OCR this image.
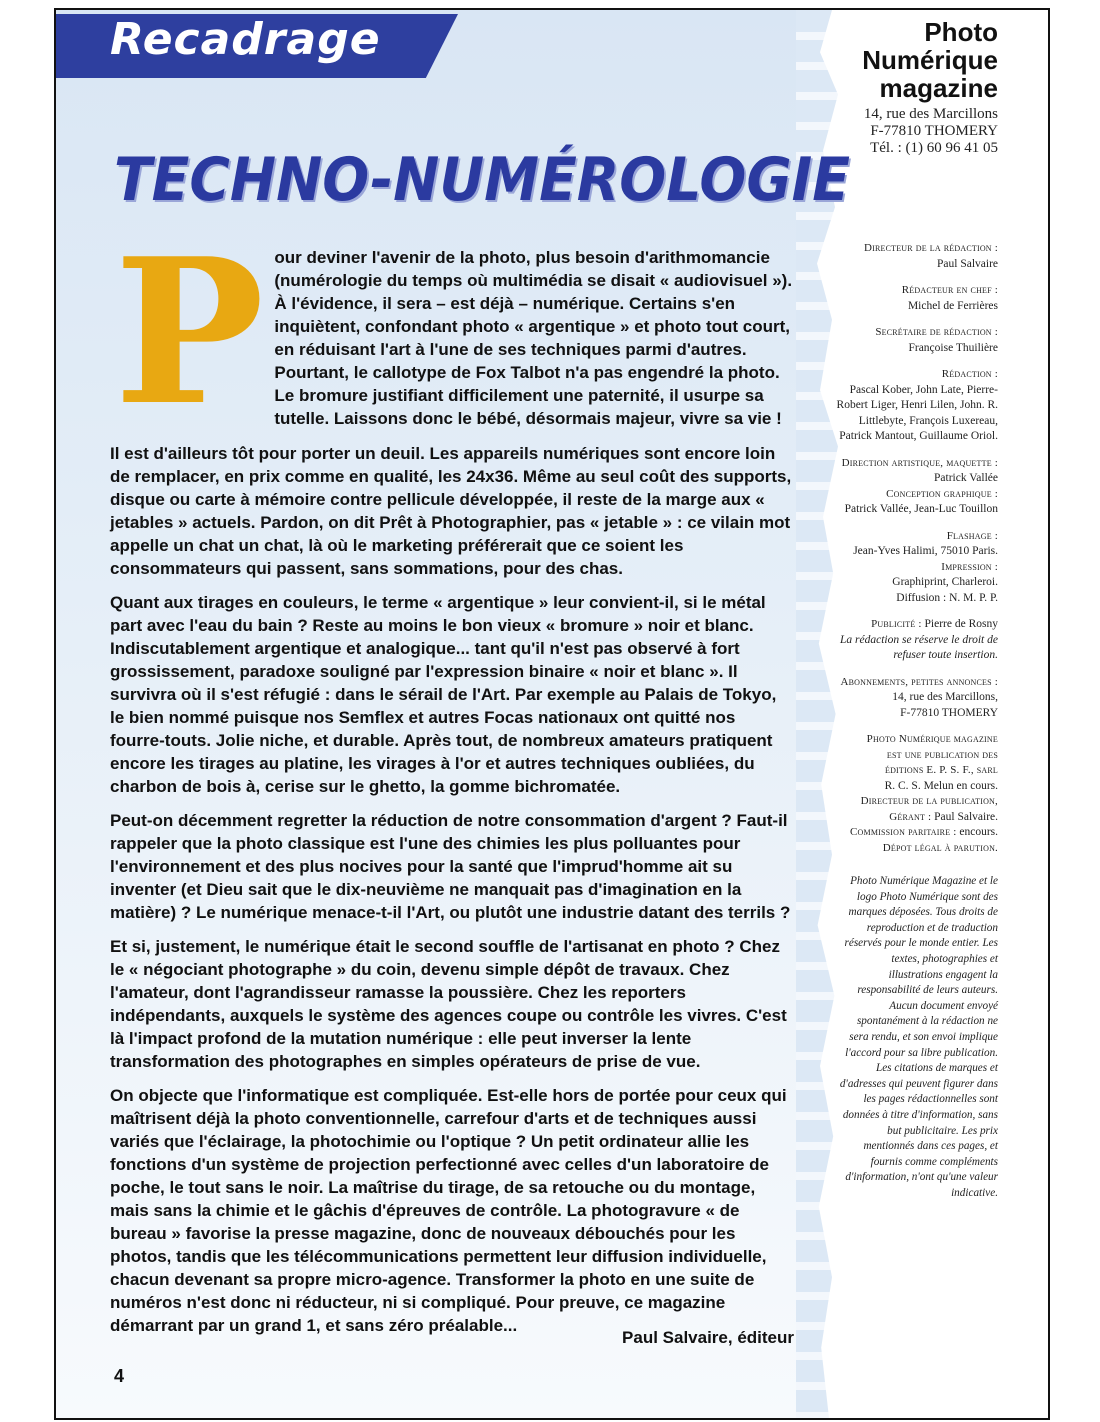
Recadrage
TECHNO-NUMÉROLOGIE

Pour deviner l'avenir de la photo, plus besoin d'arithmomancie (numérologie du temps où multimédia se disait « audiovisuel »). À l'évidence, il sera – est déjà – numérique. Certains s'en inquiètent, confondant photo « argentique » et photo tout court, en réduisant l'art à l'une de ses techniques parmi d'autres. Pourtant, le callotype de Fox Talbot n'a pas engendré la photo. Le bromure justifiant difficilement une paternité, il usurpe sa tutelle. Laissons donc le bébé, désormais majeur, vivre sa vie !

Il est d'ailleurs tôt pour porter un deuil. Les appareils numériques sont encore loin de remplacer, en prix comme en qualité, les 24x36. Même au seul coût des supports, disque ou carte à mémoire contre pellicule développée, il reste de la marge aux « jetables » actuels. Pardon, on dit Prêt à Photographier, pas « jetable » : ce vilain mot appelle un chat un chat, là où le marketing préférerait que ce soient les consommateurs qui passent, sans sommations, pour des chas.

Quant aux tirages en couleurs, le terme « argentique » leur convient-il, si le métal part avec l'eau du bain ? Reste au moins le bon vieux « bromure » noir et blanc. Indiscutablement argentique et analogique... tant qu'il n'est pas observé à fort grossissement, paradoxe souligné par l'expression binaire « noir et blanc ». Il survivra où il s'est réfugié : dans le sérail de l'Art. Par exemple au Palais de Tokyo, le bien nommé puisque nos Semflex et autres Focas nationaux ont quitté nos fourre-touts. Jolie niche, et durable. Après tout, de nombreux amateurs pratiquent encore les tirages au platine, les virages à l'or et autres techniques oubliées, du charbon de bois à, cerise sur le ghetto, la gomme bichromatée.

Peut-on décemment regretter la réduction de notre consommation d'argent ? Faut-il rappeler que la photo classique est l'une des chimies les plus polluantes pour l'environnement et des plus nocives pour la santé que l'imprud'homme ait su inventer (et Dieu sait que le dix-neuvième ne manquait pas d'imagination en la matière) ? Le numérique menace-t-il l'Art, ou plutôt une industrie datant des terrils ?

Et si, justement, le numérique était le second souffle de l'artisanat en photo ? Chez le « négociant photographe » du coin, devenu simple dépôt de travaux. Chez l'amateur, dont l'agrandisseur ramasse la poussière. Chez les reporters indépendants, auxquels le système des agences coupe ou contrôle les vivres. C'est là l'impact profond de la mutation numérique : elle peut inverser la lente transformation des photographes en simples opérateurs de prise de vue.

On objecte que l'informatique est compliquée. Est-elle hors de portée pour ceux qui maîtrisent déjà la photo conventionnelle, carrefour d'arts et de techniques aussi variés que l'éclairage, la photochimie ou l'optique ? Un petit ordinateur allie les fonctions d'un système de projection perfectionné avec celles d'un laboratoire de poche, le tout sans le noir. La maîtrise du tirage, de sa retouche ou du montage, mais sans la chimie et le gâchis d'épreuves de contrôle. La photogravure « de bureau » favorise la presse magazine, donc de nouveaux débouchés pour les photos, tandis que les télécommunications permettent leur diffusion individuelle, chacun devenant sa propre micro-agence. Transformer la photo en une suite de numéros n'est donc ni réducteur, ni si compliqué. Pour preuve, ce magazine démarrant par un grand 1, et sans zéro préalable...

Paul Salvaire, éditeur
4
Photo
Numérique
magazine
14, rue des Marcillons
F-77810 THOMERY
Tél. : (1) 60 96 41 05
Directeur de la rédaction :
Paul Salvaire
Rédacteur en chef :
Michel de Ferrières
Secrétaire de rédaction :
Françoise Thuilière
Rédaction :
Pascal Kober, John Late, Pierre-Robert Liger, Henri Lilen, John. R. Littlebyte, François Luxereau, Patrick Mantout, Guillaume Oriol.
Direction artistique, maquette :
Patrick Vallée
Conception graphique :
Patrick Vallée, Jean-Luc Touillon
Flashage :
Jean-Yves Halimi, 75010 Paris.
Impression :
Graphiprint, Charleroi.
Diffusion : N. M. P. P.
Publicité : Pierre de Rosny
La rédaction se réserve le droit de refuser toute insertion.
Abonnements, petites annonces :
14, rue des Marcillons,
F-77810 THOMERY
Photo Numérique magazine
est une publication des
éditions E. P. S. F., sarl
R. C. S. Melun en cours.
Directeur de la publication,
Gérant : Paul Salvaire.
Commission paritaire : encours.
Dépot légal à parution.
Photo Numérique Magazine et le logo Photo Numérique sont des marques déposées. Tous droits de reproduction et de traduction réservés pour le monde entier. Les textes, photographies et illustrations engagent la responsabilité de leurs auteurs. Aucun document envoyé spontanément à la rédaction ne sera rendu, et son envoi implique l'accord pour sa libre publication. Les citations de marques et d'adresses qui peuvent figurer dans les pages rédactionnelles sont données à titre d'information, sans but publicitaire. Les prix mentionnés dans ces pages, et fournis comme compléments d'information, n'ont qu'une valeur indicative.
